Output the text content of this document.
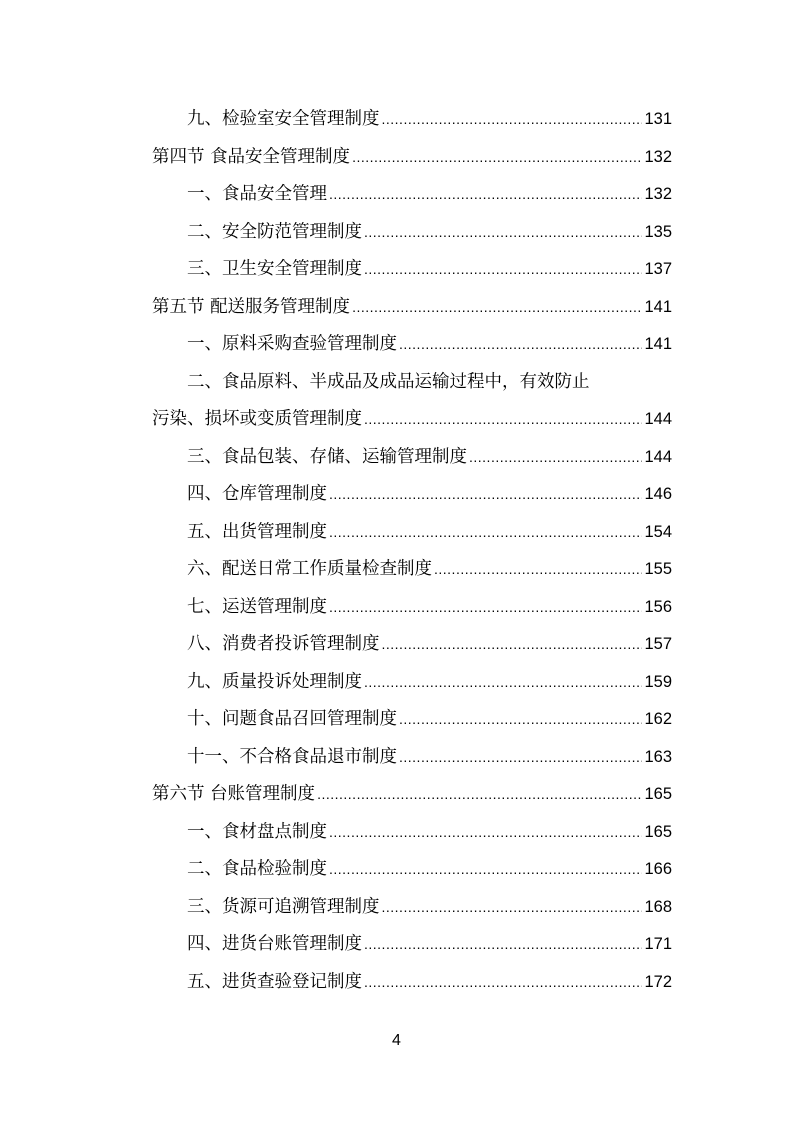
九、检验室安全管理制度 .....	131
第四节 食品安全管理制度 .....	132
一、食品安全管理 .....	132
二、安全防范管理制度 .....	135
三、卫生安全管理制度 .....	137
第五节 配送服务管理制度 .....	141
一、原料采购查验管理制度 .....	141
二、食品原料、半成品及成品运输过程中，有效防止
污染、损坏或变质管理制度 .....	144
三、食品包装、存储、运输管理制度 .....	144
四、仓库管理制度 .....	146
五、出货管理制度 .....	154
六、配送日常工作质量检查制度 .....	155
七、运送管理制度 .....	156
八、消费者投诉管理制度 .....	157
九、质量投诉处理制度 .....	159
十、问题食品召回管理制度 .....	162
十一、不合格食品退市制度 .....	163
第六节 台账管理制度 .....	165
一、食材盘点制度 .....	165
二、食品检验制度 .....	166
三、货源可追溯管理制度 .....	168
四、进货台账管理制度 .....	171
五、进货查验登记制度 .....	172
4
